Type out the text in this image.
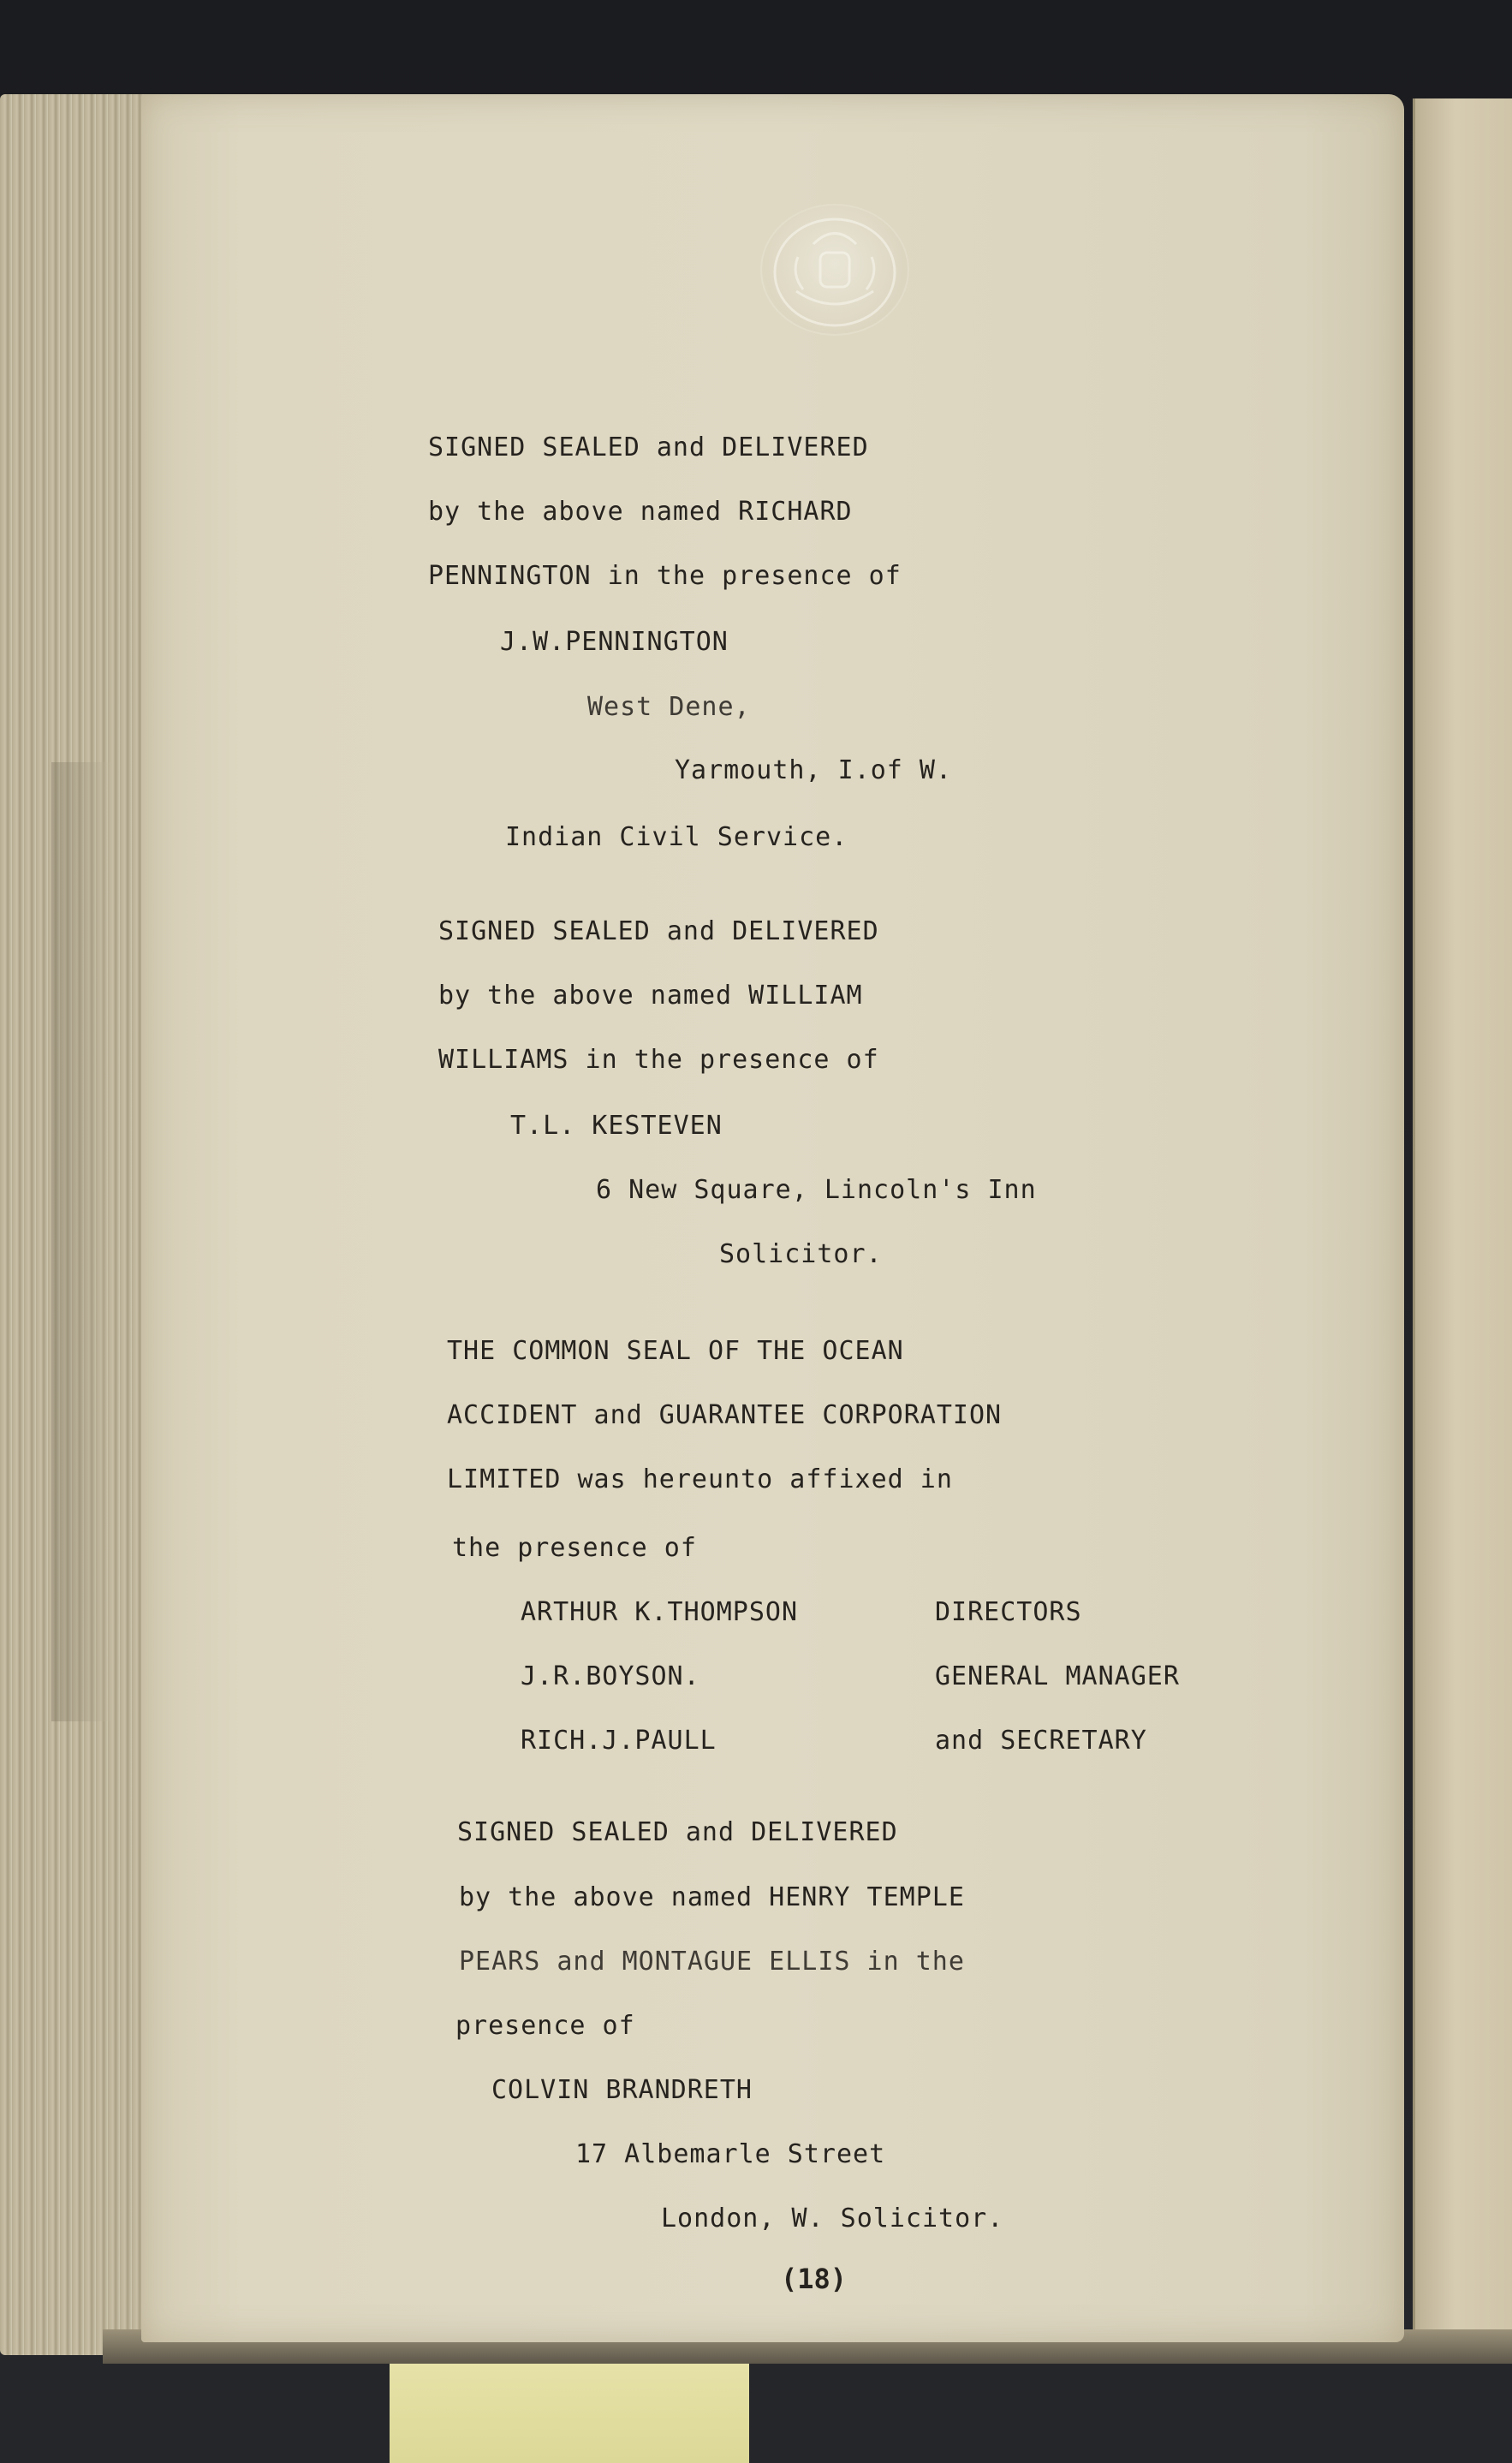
SIGNED SEALED and DELIVERED
by the above named RICHARD
PENNINGTON in the presence of
J.W.PENNINGTON
West Dene,
Yarmouth, I.of W.
Indian Civil Service.
SIGNED SEALED and DELIVERED
by the above named WILLIAM
WILLIAMS in the presence of
T.L. KESTEVEN
6 New Square, Lincoln's Inn
Solicitor.
THE COMMON SEAL OF THE OCEAN
ACCIDENT and GUARANTEE CORPORATION
LIMITED was hereunto affixed in
the presence of
ARTHUR K.THOMPSON	DIRECTORS
J.R.BOYSON.	GENERAL MANAGER
RICH.J.PAULL	and SECRETARY
SIGNED SEALED and DELIVERED
by the above named HENRY TEMPLE
PEARS and MONTAGUE ELLIS in the
presence of
COLVIN BRANDRETH
17 Albemarle Street
London, W. Solicitor.
(18)
